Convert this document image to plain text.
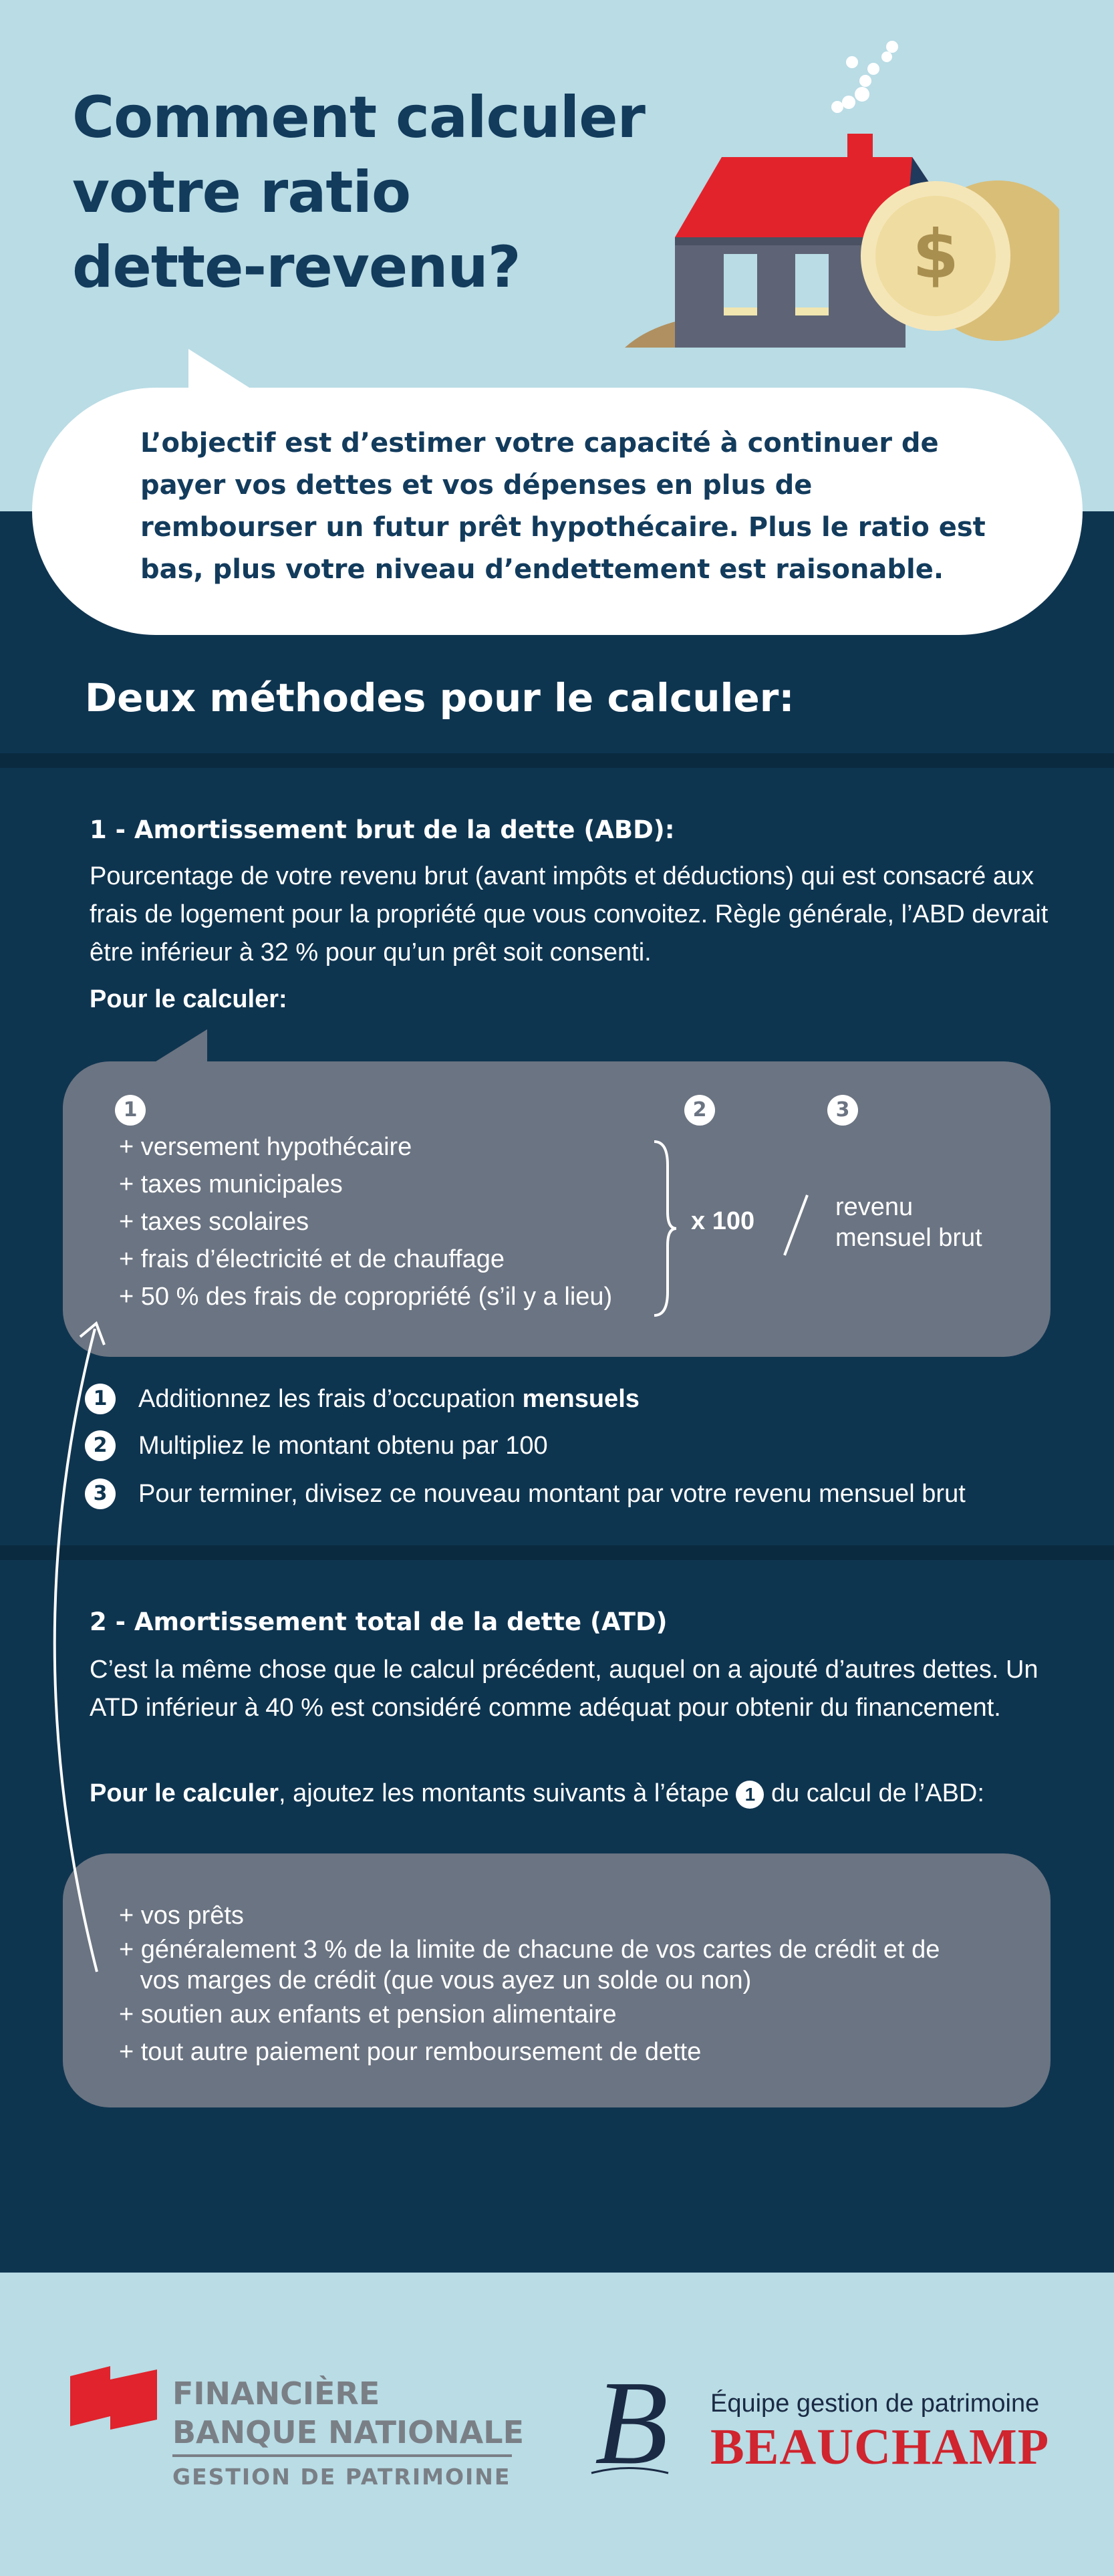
Comment calculer
votre ratio
dette-revenu?	$

L’objectif est d’estimer votre capacité à continuer de payer vos dettes et vos dépenses en plus de rembourser un futur prêt hypothécaire. Plus le ratio est bas, plus votre niveau d’endettement est raisonable.

Deux méthodes pour le calculer:
1 - Amortissement brut de la dette (ABD):

Pourcentage de votre revenu brut (avant impôts et déductions) qui est consacré aux frais de logement pour la propriété que vous convoitez. Règle générale, l’ABD devrait être inférieur à 32 % pour qu’un prêt soit consenti.

Pour le calculer:

1	2	3
+ versement hypothécaire
+ taxes municipales
+ taxes scolaires
+ frais d’électricité et de chauffage
+ 50 % des frais de copropriété (s’il y a lieu)

x 100	revenu
mensuel brut

1	Additionnez les frais d’occupation mensuels
2	Multipliez le montant obtenu par 100
3	Pour terminer, divisez ce nouveau montant par votre revenu mensuel brut
2 - Amortissement total de la dette (ATD)

C’est la même chose que le calcul précédent, auquel on a ajouté d’autres dettes. Un ATD inférieur à 40 % est considéré comme adéquat pour obtenir du financement.

Pour le calculer, ajoutez les montants suivants à l’étape 1 du calcul de l’ABD:

+ vos prêts
+ généralement 3 % de la limite de chacune de vos cartes de crédit et de
vos marges de crédit (que vous ayez un solde ou non)
+ soutien aux enfants et pension alimentaire
+ tout autre paiement pour remboursement de dette

FINANCIÈRE
BANQUE NATIONALE

GESTION DE PATRIMOINE B Équipe gestion de patrimoine

BEAUCHAMP
